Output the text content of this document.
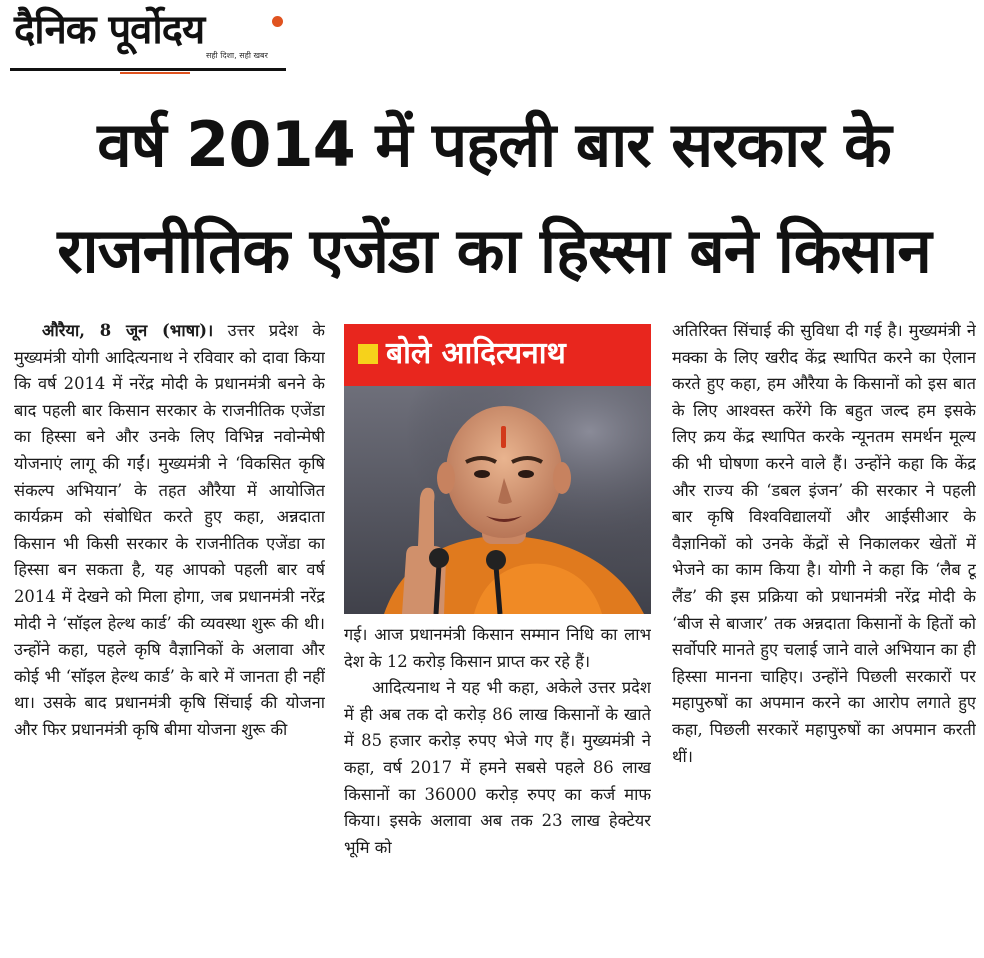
दैनिक पूर्वोदय
सही दिशा, सही खबर
वर्ष 2014 में पहली बार सरकार के
राजनीतिक एजेंडा का हिस्सा बने किसान

औरैया, 8 जून (भाषा)। उत्तर प्रदेश के मुख्यमंत्री योगी आदित्यनाथ ने रविवार को दावा किया कि वर्ष 2014 में नरेंद्र मोदी के प्रधानमंत्री बनने के बाद पहली बार किसान सरकार के राजनीतिक एजेंडा का हिस्सा बने और उनके लिए विभिन्न नवोन्मेषी योजनाएं लागू की गईं। मुख्यमंत्री ने ‘विकसित कृषि संकल्प अभियान’ के तहत औरैया में आयोजित कार्यक्रम को संबोधित करते हुए कहा, अन्नदाता किसान भी किसी सरकार के राजनीतिक एजेंडा का हिस्सा बन सकता है, यह आपको पहली बार वर्ष 2014 में देखने को मिला होगा, जब प्रधानमंत्री नरेंद्र मोदी ने ‘सॉइल हेल्थ कार्ड’ की व्यवस्था शुरू की थी। उन्होंने कहा, पहले कृषि वैज्ञानिकों के अलावा और कोई भी ‘सॉइल हेल्थ कार्ड’ के बारे में जानता ही नहीं था। उसके बाद प्रधानमंत्री कृषि सिंचाई की योजना और फिर प्रधानमंत्री कृषि बीमा योजना शुरू की

बोले आदित्यनाथ

गई। आज प्रधानमंत्री किसान सम्मान निधि का लाभ देश के 12 करोड़ किसान प्राप्त कर रहे हैं।

आदित्यनाथ ने यह भी कहा, अकेले उत्तर प्रदेश में ही अब तक दो करोड़ 86 लाख किसानों के खाते में 85 हजार करोड़ रुपए भेजे गए हैं। मुख्यमंत्री ने कहा, वर्ष 2017 में हमने सबसे पहले 86 लाख किसानों का 36000 करोड़ रुपए का कर्ज माफ किया। इसके अलावा अब तक 23 लाख हेक्टेयर भूमि को

अतिरिक्त सिंचाई की सुविधा दी गई है। मुख्यमंत्री ने मक्का के लिए खरीद केंद्र स्थापित करने का ऐलान करते हुए कहा, हम औरैया के किसानों को इस बात के लिए आश्वस्त करेंगे कि बहुत जल्द हम इसके लिए क्रय केंद्र स्थापित करके न्यूनतम समर्थन मूल्य की भी घोषणा करने वाले हैं। उन्होंने कहा कि केंद्र और राज्य की ‘डबल इंजन’ की सरकार ने पहली बार कृषि विश्वविद्यालयों और आईसीआर के वैज्ञानिकों को उनके केंद्रों से निकालकर खेतों में भेजने का काम किया है। योगी ने कहा कि ‘लैब टू लैंड’ की इस प्रक्रिया को प्रधानमंत्री नरेंद्र मोदी के ‘बीज से बाजार’ तक अन्नदाता किसानों के हितों को सर्वोपरि मानते हुए चलाई जाने वाले अभियान का ही हिस्सा मानना चाहिए। उन्होंने पिछली सरकारों पर महापुरुषों का अपमान करने का आरोप लगाते हुए कहा, पिछली सरकारें महापुरुषों का अपमान करती थीं।
